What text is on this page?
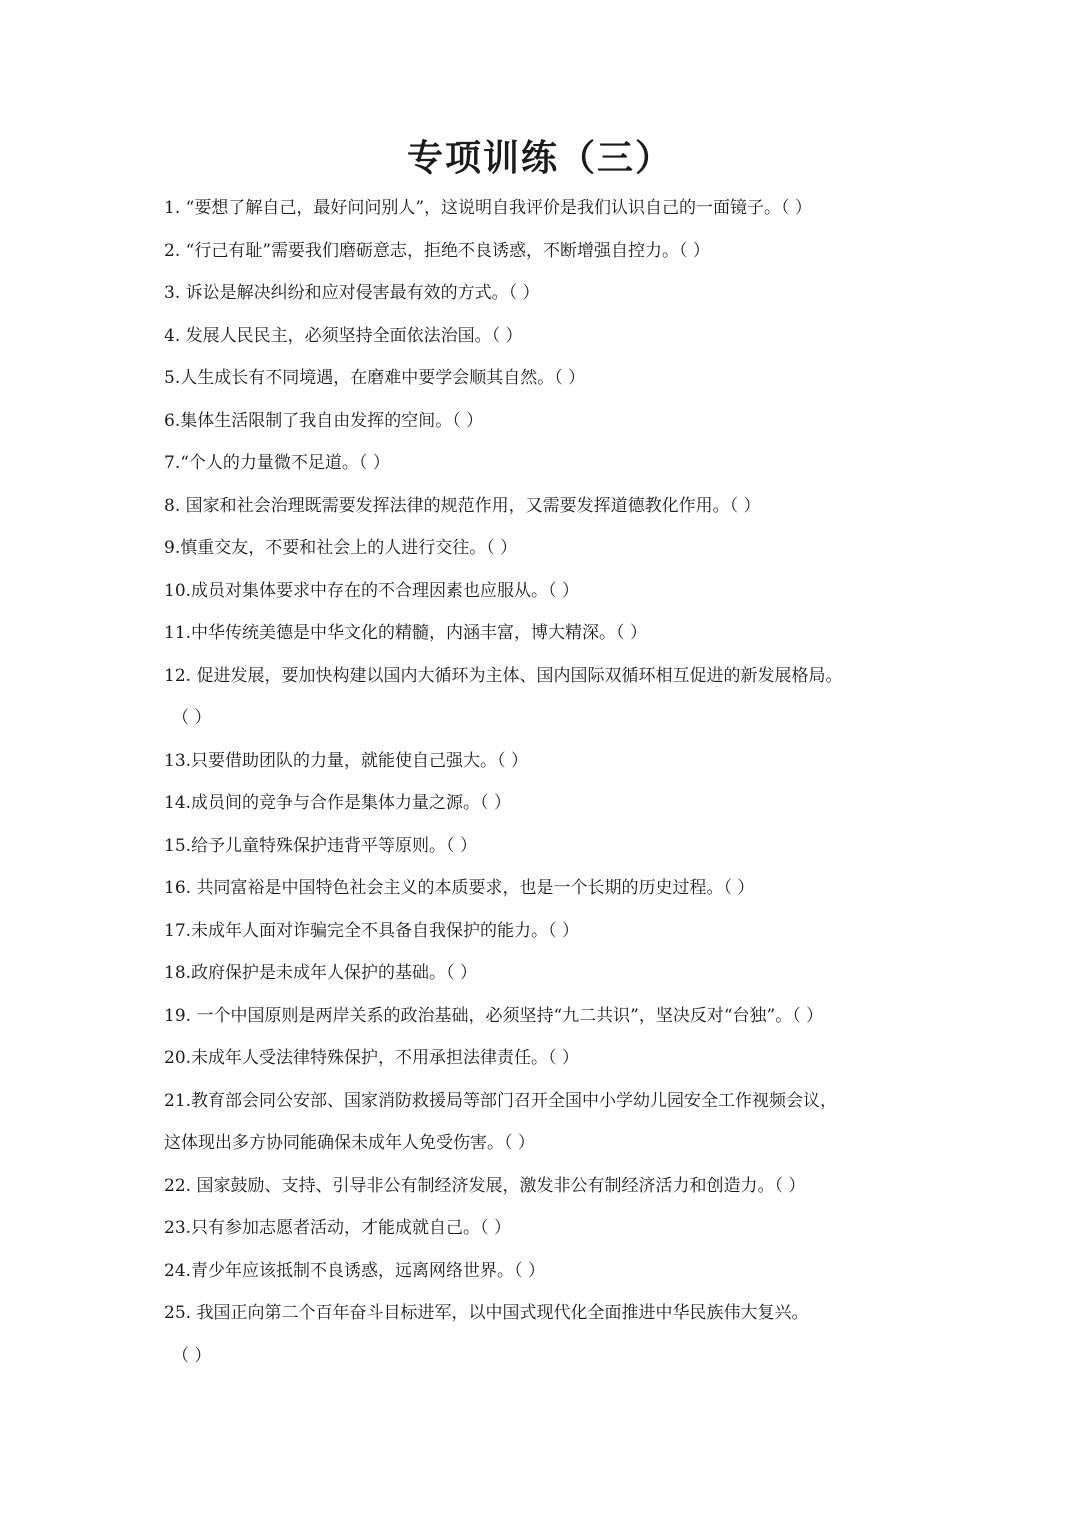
专项训练（三）
1. “要想了解自己，最好问问别人”，这说明自我评价是我们认识自己的一面镜子。（ ）
2. “行己有耻”需要我们磨砺意志，拒绝不良诱惑，不断增强自控力。（ ）
3. 诉讼是解决纠纷和应对侵害最有效的方式。（ ）
4. 发展人民民主，必须坚持全面依法治国。（ ）
5.人生成长有不同境遇，在磨难中要学会顺其自然。（ ）
6.集体生活限制了我自由发挥的空间。（ ）
7.“个人的力量微不足道。（ ）
8. 国家和社会治理既需要发挥法律的规范作用，又需要发挥道德教化作用。（ ）
9.慎重交友，不要和社会上的人进行交往。（ ）
10.成员对集体要求中存在的不合理因素也应服从。（ ）
11.中华传统美德是中华文化的精髓，内涵丰富，博大精深。（ ）
12. 促进发展，要加快构建以国内大循环为主体、国内国际双循环相互促进的新发展格局。
（ ）
13.只要借助团队的力量，就能使自己强大。（ ）
14.成员间的竞争与合作是集体力量之源。（ ）
15.给予儿童特殊保护违背平等原则。（ ）
16. 共同富裕是中国特色社会主义的本质要求，也是一个长期的历史过程。（ ）
17.未成年人面对诈骗完全不具备自我保护的能力。（ ）
18.政府保护是未成年人保护的基础。（ ）
19. 一个中国原则是两岸关系的政治基础，必须坚持“九二共识”，坚决反对“台独”。（ ）
20.未成年人受法律特殊保护，不用承担法律责任。（ ）
21.教育部会同公安部、国家消防救援局等部门召开全国中小学幼儿园安全工作视频会议，
这体现出多方协同能确保未成年人免受伤害。（ ）
22. 国家鼓励、支持、引导非公有制经济发展，激发非公有制经济活力和创造力。（ ）
23.只有参加志愿者活动，才能成就自己。（ ）
24.青少年应该抵制不良诱惑，远离网络世界。（ ）
25. 我国正向第二个百年奋斗目标进军，以中国式现代化全面推进中华民族伟大复兴。
（ ）
